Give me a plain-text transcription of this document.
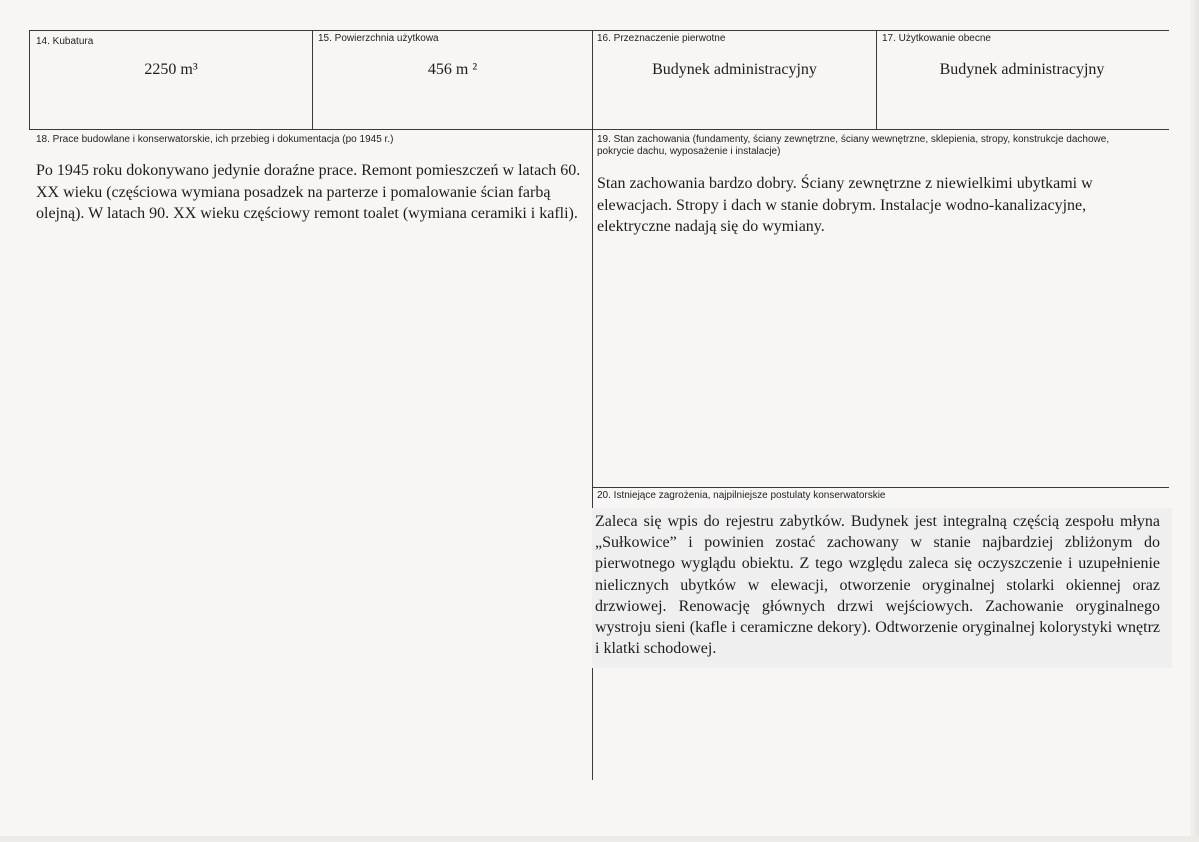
14. Kubatura
2250 m³
15. Powierzchnia użytkowa
456 m ²
16. Przeznaczenie pierwotne
Budynek administracyjny
17. Użytkowanie obecne
Budynek administracyjny
18. Prace budowlane i konserwatorskie, ich przebieg i dokumentacja (po 1945 r.)
Po 1945 roku dokonywano jedynie doraźne prace. Remont pomieszczeń w latach 60. XX wieku (częściowa wymiana posadzek na parterze i pomalowanie ścian farbą olejną). W latach 90. XX wieku częściowy remont toalet (wymiana ceramiki i kafli).
19. Stan zachowania (fundamenty, ściany zewnętrzne, ściany wewnętrzne, sklepienia, stropy, konstrukcje dachowe, pokrycie dachu, wyposażenie i instalacje)
Stan zachowania bardzo dobry. Ściany zewnętrzne z niewielkimi ubytkami w elewacjach. Stropy i dach w stanie dobrym. Instalacje wodno-kanalizacyjne, elektryczne nadają się do wymiany.
20. Istniejące zagrożenia, najpilniejsze postulaty konserwatorskie
Zaleca się wpis do rejestru zabytków. Budynek jest integralną częścią zespołu młyna „Sułkowice” i powinien zostać zachowany w stanie najbardziej zbliżonym do pierwotnego wyglądu obiektu. Z tego względu zaleca się oczyszczenie i uzupełnienie nielicznych ubytków w elewacji, otworzenie oryginalnej stolarki okiennej oraz drzwiowej. Renowację głównych drzwi wejściowych. Zachowanie oryginalnego wystroju sieni (kafle i ceramiczne dekory). Odtworzenie oryginalnej kolorystyki wnętrz i klatki schodowej.
